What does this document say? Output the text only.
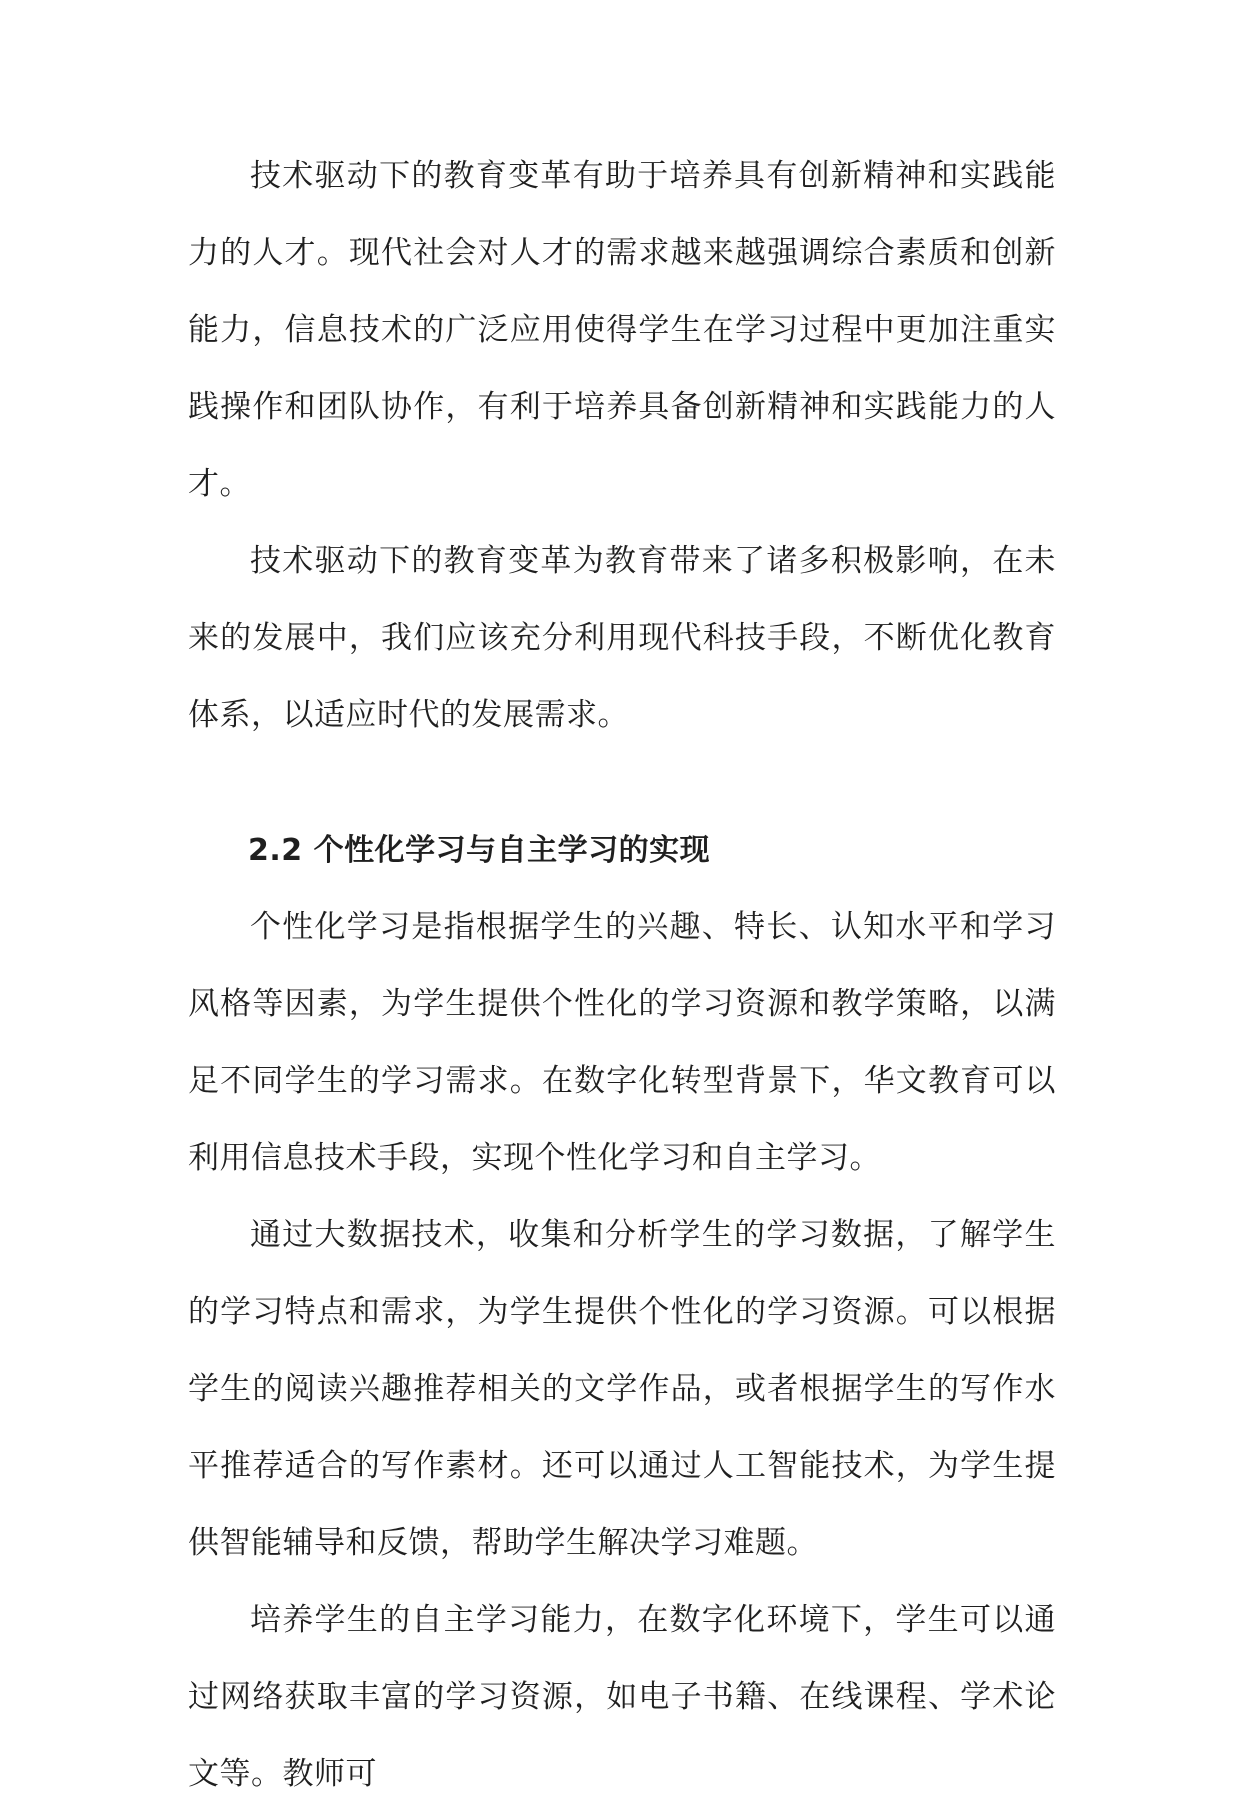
技术驱动下的教育变革有助于培养具有创新精神和实践能力的人才。现代社会对人才的需求越来越强调综合素质和创新能力，信息技术的广泛应用使得学生在学习过程中更加注重实践操作和团队协作，有利于培养具备创新精神和实践能力的人才。

技术驱动下的教育变革为教育带来了诸多积极影响，在未来的发展中，我们应该充分利用现代科技手段，不断优化教育体系，以适应时代的发展需求。

2.2 个性化学习与自主学习的实现

个性化学习是指根据学生的兴趣、特长、认知水平和学习风格等因素，为学生提供个性化的学习资源和教学策略，以满足不同学生的学习需求。在数字化转型背景下，华文教育可以利用信息技术手段，实现个性化学习和自主学习。

通过大数据技术，收集和分析学生的学习数据，了解学生的学习特点和需求，为学生提供个性化的学习资源。可以根据学生的阅读兴趣推荐相关的文学作品，或者根据学生的写作水平推荐适合的写作素材。还可以通过人工智能技术，为学生提供智能辅导和反馈，帮助学生解决学习难题。

培养学生的自主学习能力，在数字化环境下，学生可以通过网络获取丰富的学习资源，如电子书籍、在线课程、学术论文等。教师可
